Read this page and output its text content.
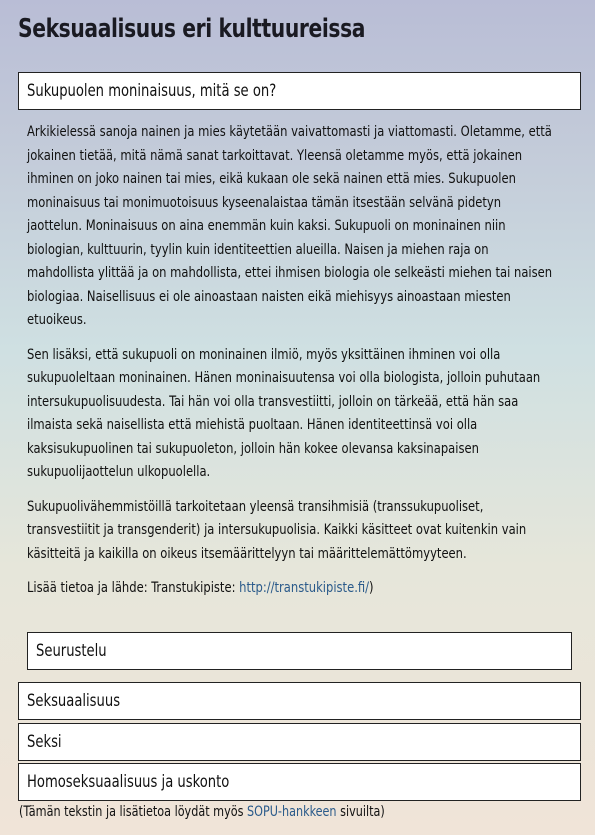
Seksuaalisuus eri kulttuureissa
Sukupuolen moninaisuus, mitä se on?

Arkikielessä sanoja nainen ja mies käytetään vaivattomasti ja viattomasti. Oletamme, että jokainen tietää, mitä nämä sanat tarkoittavat. Yleensä oletamme myös, että jokainen ihminen on joko nainen tai mies, eikä kukaan ole sekä nainen että mies. Sukupuolen moninaisuus tai monimuotoisuus kyseenalaistaa tämän itsestään selvänä pidetyn jaottelun. Moninaisuus on aina enemmän kuin kaksi. Sukupuoli on moninainen niin biologian, kulttuurin, tyylin kuin identiteettien alueilla. Naisen ja miehen raja on mahdollista ylittää ja on mahdollista, ettei ihmisen biologia ole selkeästi miehen tai naisen biologiaa. Naisellisuus ei ole ainoastaan naisten eikä miehisyys ainoastaan miesten etuoikeus.

Sen lisäksi, että sukupuoli on moninainen ilmiö, myös yksittäinen ihminen voi olla sukupuoleltaan moninainen. Hänen moninaisuutensa voi olla biologista, jolloin puhutaan intersukupuolisuudesta. Tai hän voi olla transvestiitti, jolloin on tärkeää, että hän saa ilmaista sekä naisellista että miehistä puoltaan. Hänen identiteettinsä voi olla kaksisukupuolinen tai sukupuoleton, jolloin hän kokee olevansa kaksinapaisen sukupuolijaottelun ulkopuolella.

Sukupuolivähemmistöillä tarkoitetaan yleensä transihmisiä (transsukupuoliset, transvestiitit ja transgenderit) ja intersukupuolisia. Kaikki käsitteet ovat kuitenkin vain käsitteitä ja kaikilla on oikeus itsemäärittelyyn tai määrittelemättömyyteen.

Lisää tietoa ja lähde: Transtukipiste: http://transtukipiste.fi/)

Seurustelu
Seksuaalisuus
Seksi
Homoseksuaalisuus ja uskonto
(Tämän tekstin ja lisätietoa löydät myös SOPU-hankkeen sivuilta)
